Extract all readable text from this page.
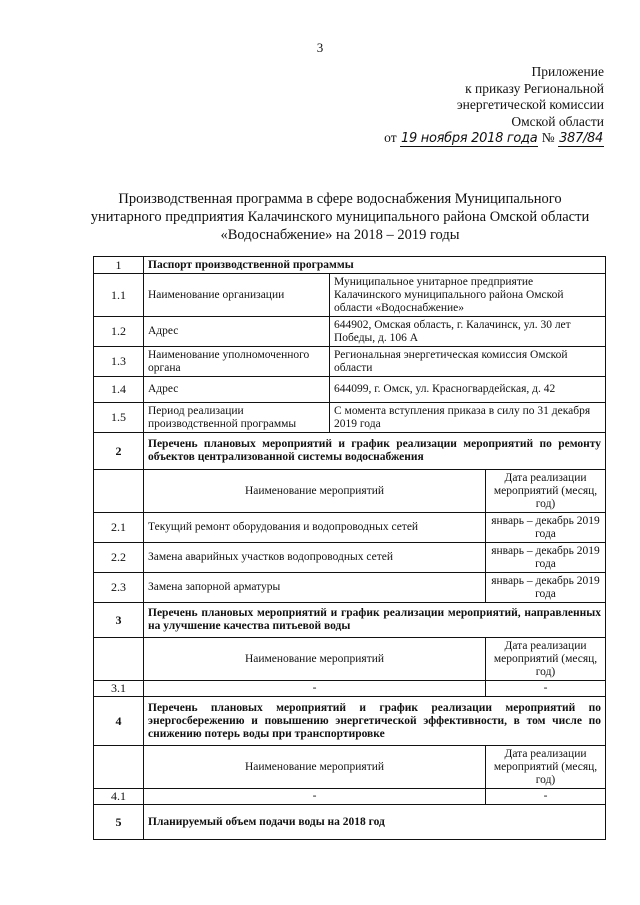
3
Приложение
к приказу Региональной
энергетической комиссии
Омской области
от 19 ноября 2018 года № 387/84
Производственная программа в сфере водоснабжения Муниципального унитарного предприятия Калачинского муниципального района Омской области «Водоснабжение» на 2018 – 2019 годы
1	Паспорт производственной программы		
1.1	Наименование организации	Муниципальное унитарное предприятие Калачинского муниципального района Омской области «Водоснабжение»	
1.2	Адрес	644902, Омская область, г. Калачинск, ул. 30 лет Победы, д. 106 А	
1.3	Наименование уполномоченного органа	Региональная энергетическая комиссия Омской области	
1.4	Адрес	644099, г. Омск, ул. Красногвардейская, д. 42	
1.5	Период реализации производственной программы	С момента вступления приказа в силу по 31 декабря 2019 года	
2	Перечень плановых мероприятий и график реализации мероприятий по ремонту объектов централизованной системы водоснабжения		
	Наименование мероприятий		Дата реализации мероприятий (месяц, год)
2.1	Текущий ремонт оборудования и водопроводных сетей		январь – декабрь 2019 года
2.2	Замена аварийных участков водопроводных сетей		январь – декабрь 2019 года
2.3	Замена запорной арматуры		январь – декабрь 2019 года
3	Перечень плановых мероприятий и график реализации мероприятий, направленных на улучшение качества питьевой воды		
	Наименование мероприятий		Дата реализации мероприятий (месяц, год)
3.1	-		-
4	Перечень плановых мероприятий и график реализации мероприятий по энергосбережению и повышению энергетической эффективности, в том числе по снижению потерь воды при транспортировке		
	Наименование мероприятий		Дата реализации мероприятий (месяц, год)
4.1	-		-
5	Планируемый объем подачи воды на 2018 год		
